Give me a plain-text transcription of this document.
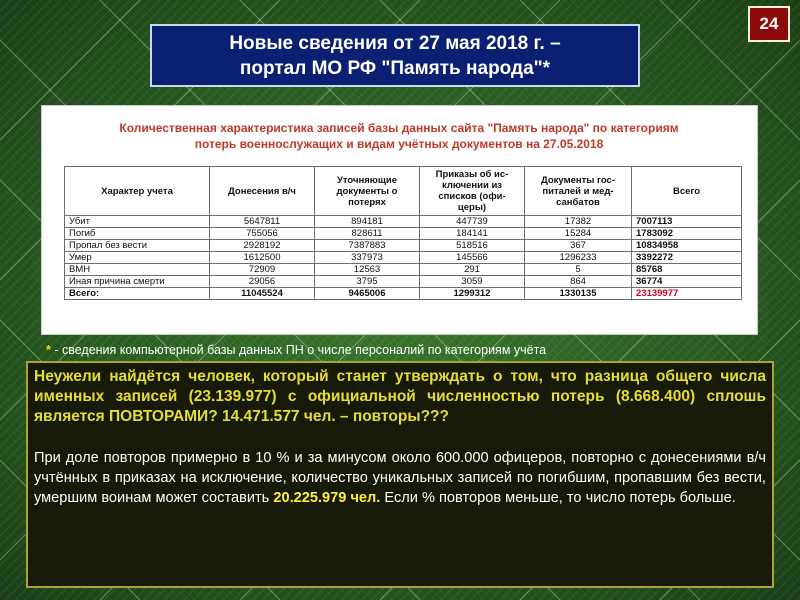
24
Новые сведения от 27 мая 2018 г. –
портал МО РФ "Память народа"*
Количественная характеристика записей базы данных сайта "Память народа" по категориям
потерь военнослужащих и видам учётных документов на 27.05.2018
Характер учета	Донесения в/ч	Уточняющие документы о потерях	Приказы об ис- ключении из списков (офи- церы)	Документы гос- питалей и мед- санбатов	Всего
Убит	5647811	894181	447739	17382	7007113
Погиб	755056	828611	184141	15284	1783092
Пропал без вести	2928192	7387883	518516	367	10834958
Умер	1612500	337973	145566	1296233	3392272
ВМН	72909	12563	291	5	85768
Иная причина смерти	29056	3795	3059	864	36774
Всего:	11045524	9465006	1299312	1330135	23139977
* - сведения компьютерной базы данных ПН о числе персоналий по категориям учёта

Неужели найдётся человек, который станет утверждать о том, что разница общего числа именных записей (23.139.977) с официальной численностью потерь (8.668.400) сплошь является ПОВТОРАМИ? 14.471.577 чел. – повторы???

При доле повторов примерно в 10 % и за минусом около 600.000 офицеров, повторно с донесениями в/ч учтённых в приказах на исключение, количество уникальных записей по погибшим, пропавшим без вести, умершим воинам может составить 20.225.979 чел. Если % повторов меньше, то число потерь больше.
